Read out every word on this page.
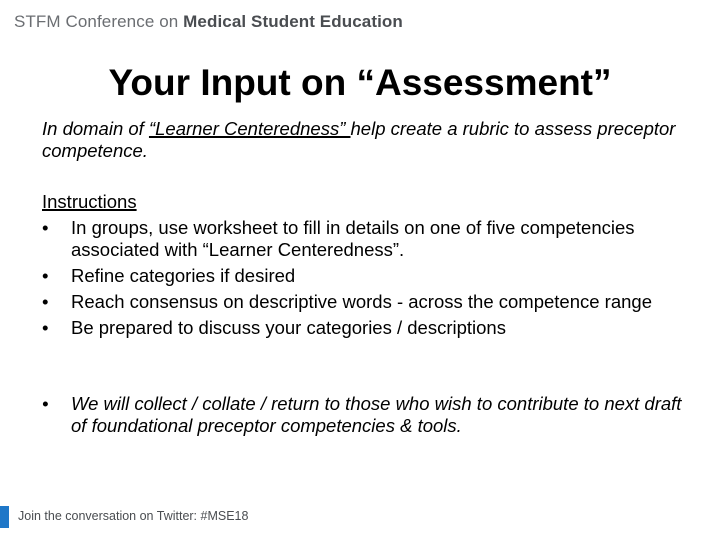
STFM Conference on Medical Student Education
Your Input on “Assessment”
In domain of “Learner Centeredness” help create a rubric to assess preceptor competence.
Instructions
• In groups, use worksheet to fill in details on one of five competencies associated with “Learner Centeredness”.
• Refine categories if desired
• Reach consensus on descriptive words - across the competence range
• Be prepared to discuss your categories / descriptions
• We will collect / collate / return to those who wish to contribute to next draft of foundational preceptor competencies & tools.
Join the conversation on Twitter: #MSE18
